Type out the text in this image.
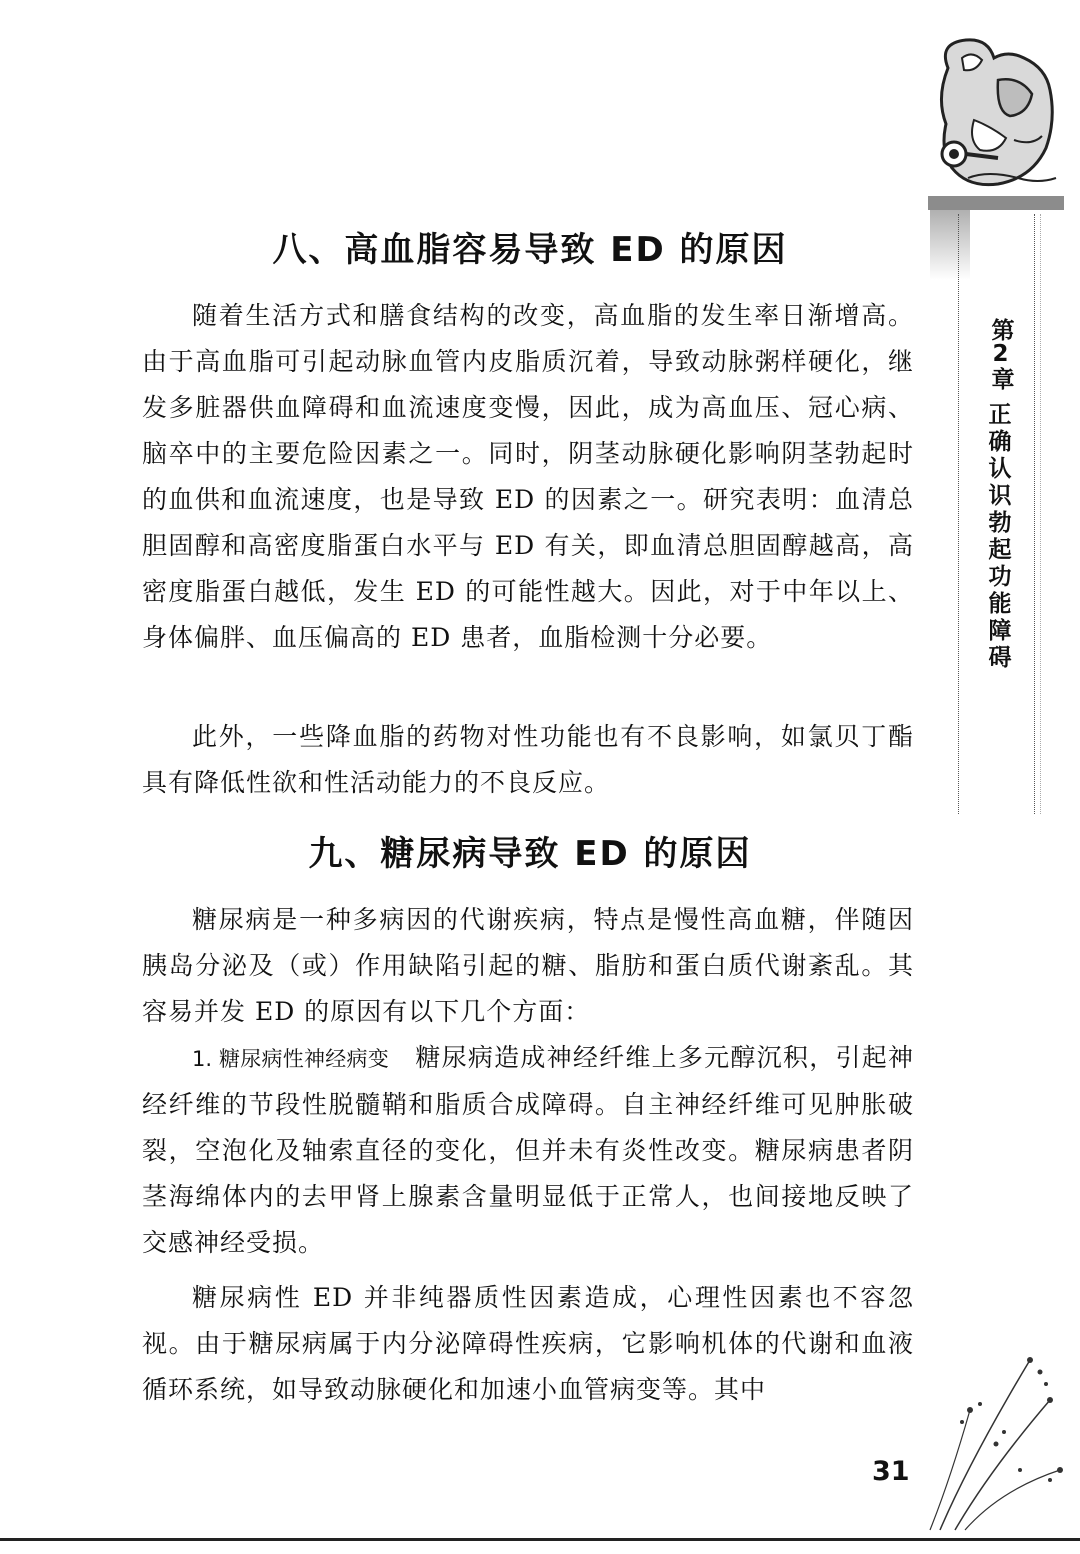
第2章
正
确
认
识
勃
起
功
能
障
碍
八、高血脂容易导致 ED 的原因

随着生活方式和膳食结构的改变，高血脂的发生率日渐增高。由于高血脂可引起动脉血管内皮脂质沉着，导致动脉粥样硬化，继发多脏器供血障碍和血流速度变慢，因此，成为高血压、冠心病、脑卒中的主要危险因素之一。同时，阴茎动脉硬化影响阴茎勃起时的血供和血流速度，也是导致 ED 的因素之一。研究表明：血清总胆固醇和高密度脂蛋白水平与 ED 有关，即血清总胆固醇越高，高密度脂蛋白越低，发生 ED 的可能性越大。因此，对于中年以上、身体偏胖、血压偏高的 ED 患者，血脂检测十分必要。

此外，一些降血脂的药物对性功能也有不良影响，如氯贝丁酯具有降低性欲和性活动能力的不良反应。

九、糖尿病导致 ED 的原因

糖尿病是一种多病因的代谢疾病，特点是慢性高血糖，伴随因胰岛分泌及（或）作用缺陷引起的糖、脂肪和蛋白质代谢紊乱。其容易并发 ED 的原因有以下几个方面：

1. 糖尿病性神经病变　 糖尿病造成神经纤维上多元醇沉积，引起神经纤维的节段性脱髓鞘和脂质合成障碍。自主神经纤维可见肿胀破裂，空泡化及轴索直径的变化，但并未有炎性改变。糖尿病患者阴茎海绵体内的去甲肾上腺素含量明显低于正常人，也间接地反映了交感神经受损。

糖尿病性 ED 并非纯器质性因素造成，心理性因素也不容忽视。由于糖尿病属于内分泌障碍性疾病，它影响机体的代谢和血液循环系统，如导致动脉硬化和加速小血管病变等。其中

31
